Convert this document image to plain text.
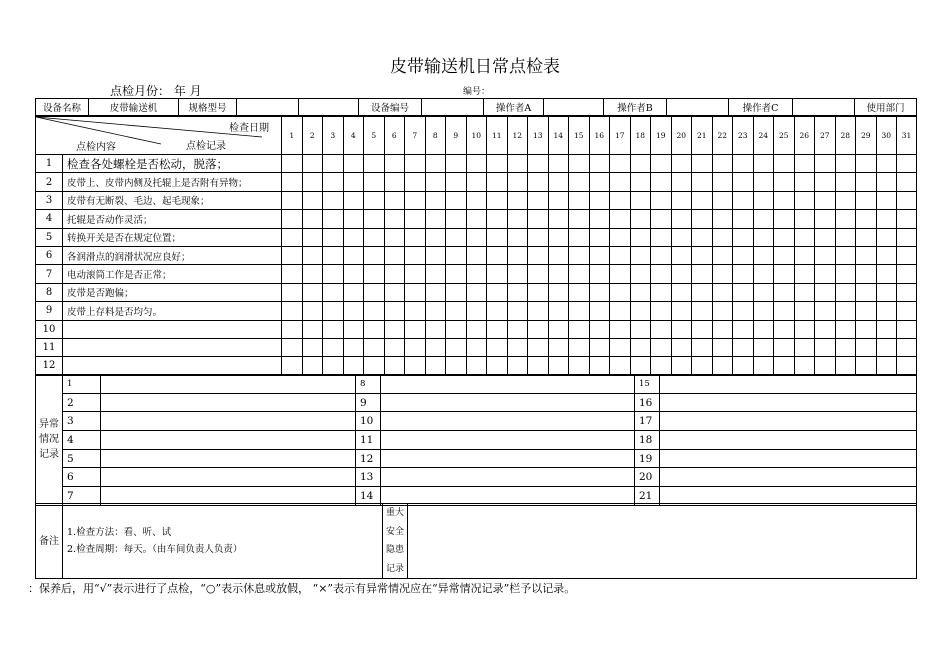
皮带输送机日常点检表
点检月份： 年 月	编号：
设备名称	皮带输送机	规格型号			设备编号		操作者A		操作者B		操作者C		使用部门
检查日期
点检内容 点检记录		1	2	3	4	5	6	7	8	9	10	11	12	13	14	15	16	17	18	19	20	21	22	23	24	25	26	27	28	29	30	31
1	检查各处螺栓是否松动，脱落；																															
2	皮带上、皮带内侧及托辊上是否附有异物；																															
3	皮带有无断裂、毛边、起毛现象；																															
4	托辊是否动作灵活；																															
5	转换开关是否在规定位置；																															
6	各润滑点的润滑状况应良好；																															
7	电动滚筒工作是否正常；																															
8	皮带是否跑偏；																															
9	皮带上存料是否均匀。																															
10																																
11																																
12																																
异常情况记录	1		8		15	
	2		9		16	
	3		10		17	
	4		11		18	
	5		12		19	
	6		13		20	
	7		14		21	
备注	
1.检查方法：看、听、试
2.检查周期：每天。（由车间负责人负责）
	重大安全隐患记录	
：保养后，用“√”表示进行了点检，“○”表示休息或放假， “×”表示有异常情况应在“异常情况记录”栏予以记录。
